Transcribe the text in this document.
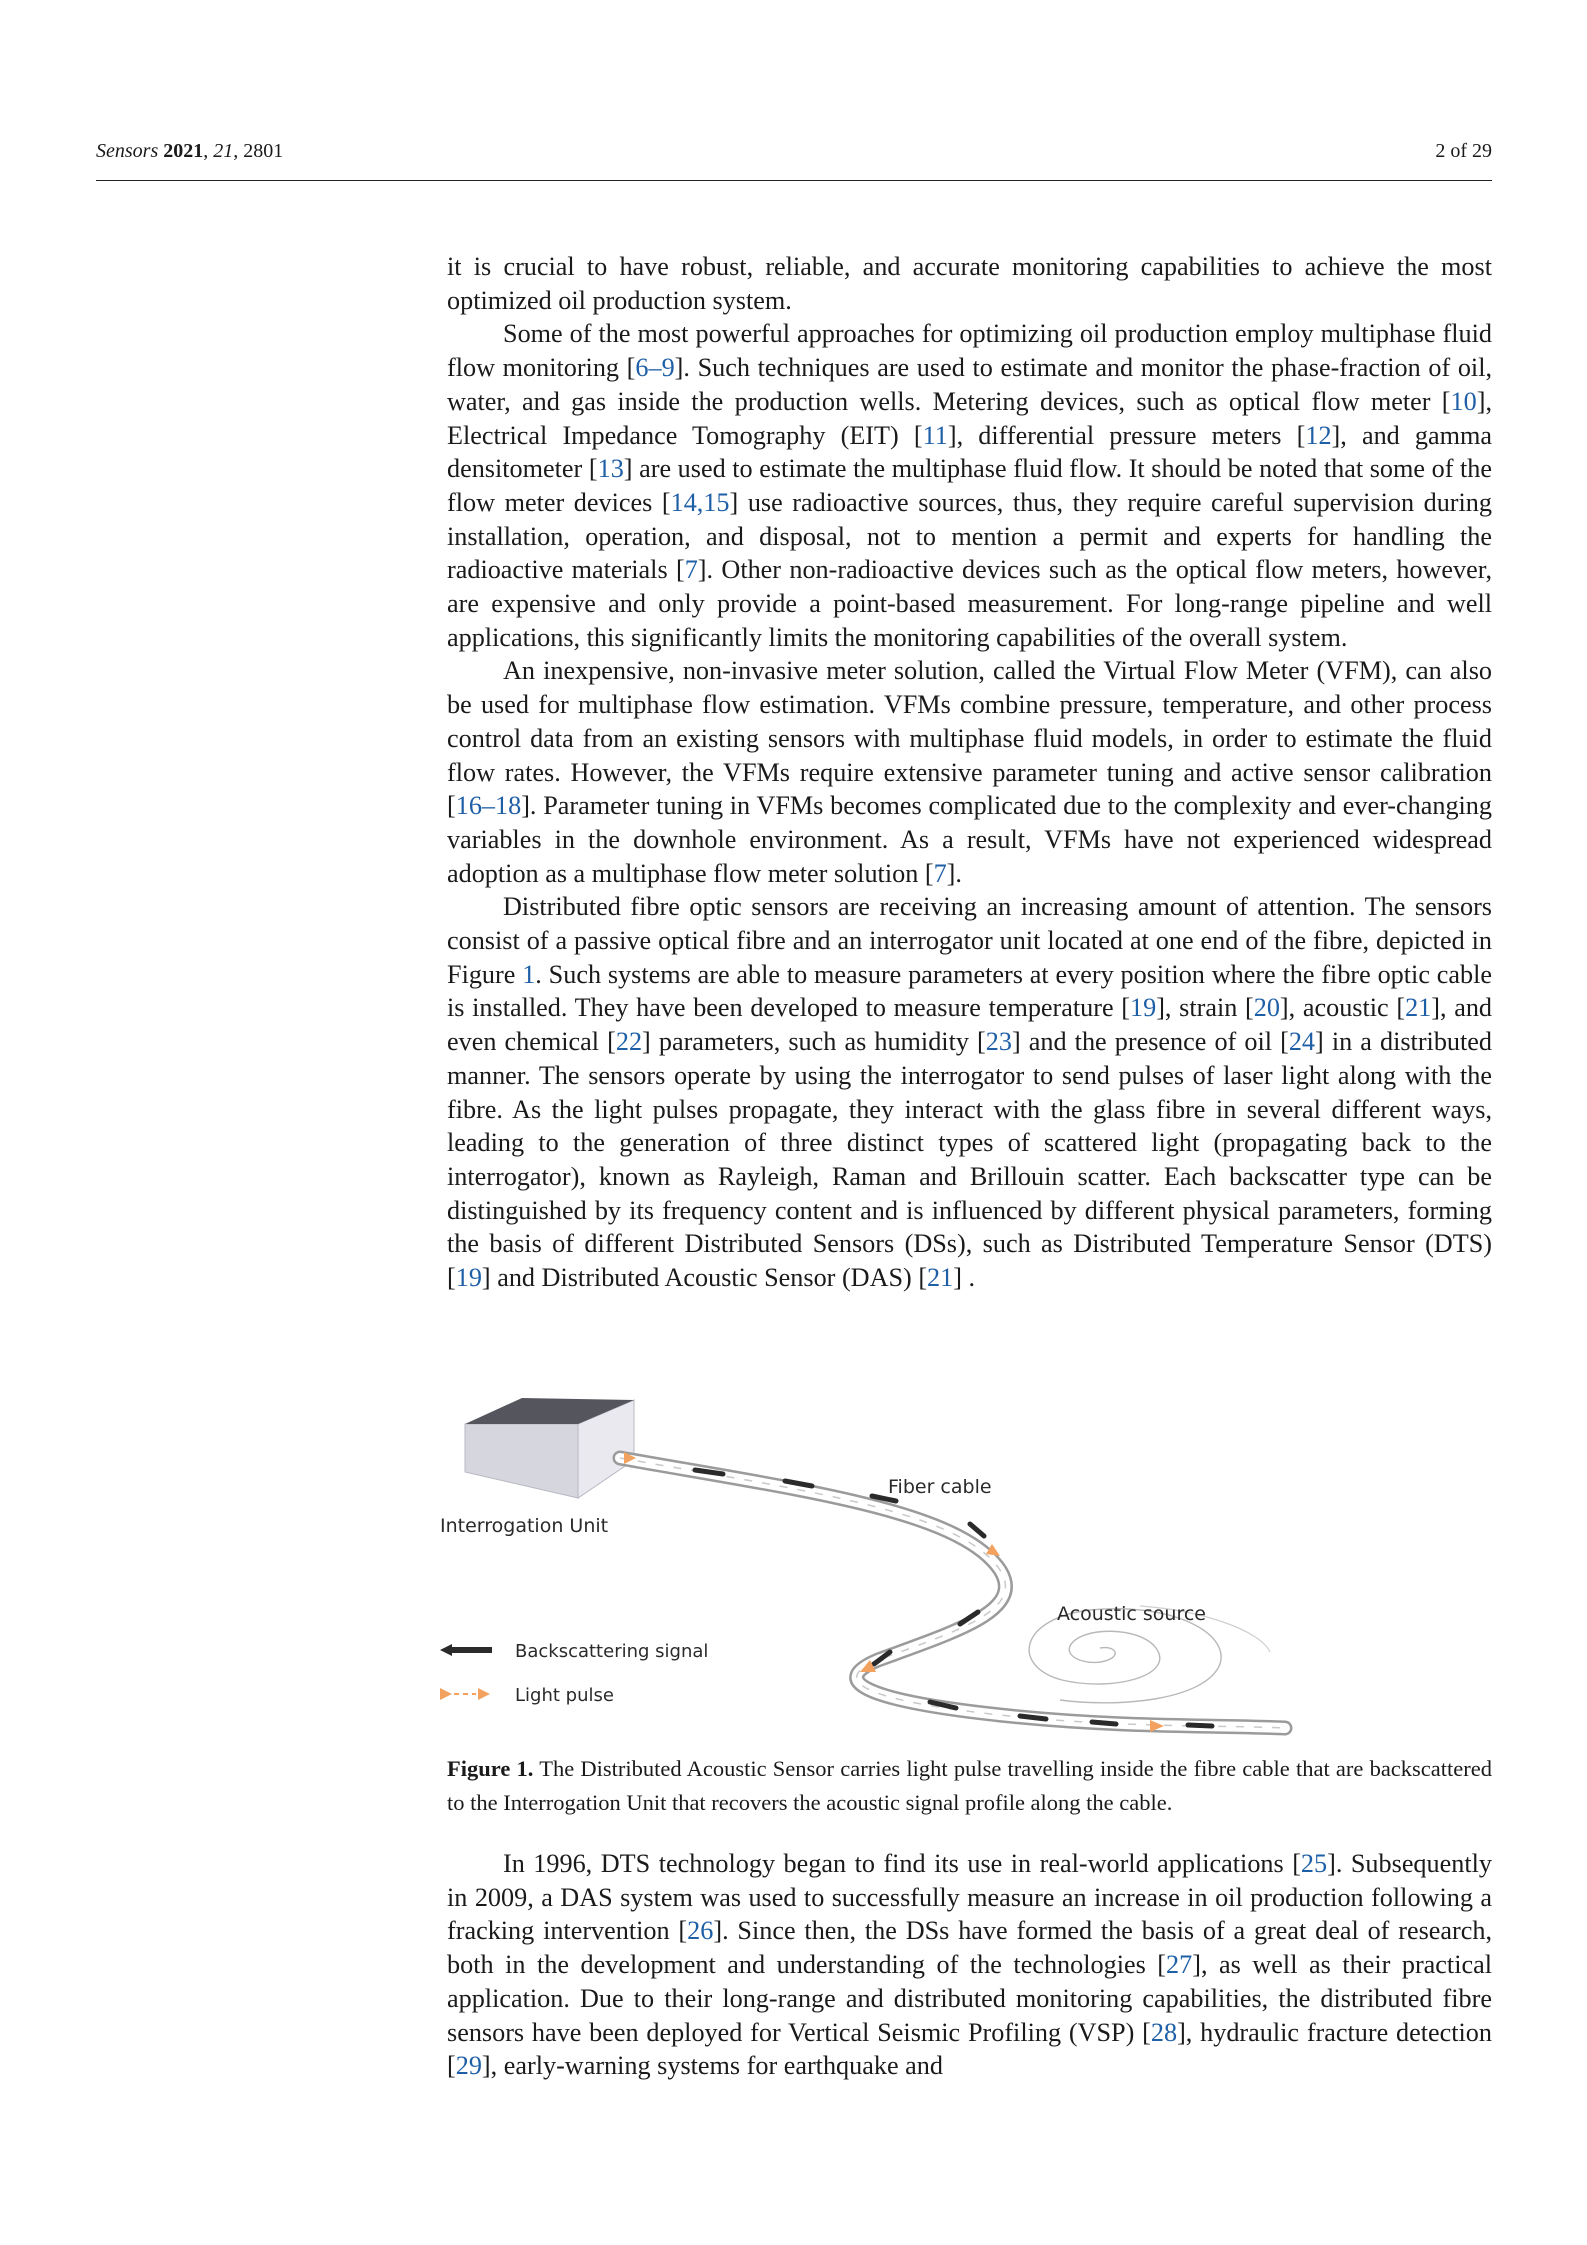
Sensors 2021, 21, 2801	2 of 29

it is crucial to have robust, reliable, and accurate monitoring capabilities to achieve the most optimized oil production system.

Some of the most powerful approaches for optimizing oil production employ multiphase fluid flow monitoring [6–9]. Such techniques are used to estimate and monitor the phase-fraction of oil, water, and gas inside the production wells. Metering devices, such as optical flow meter [10], Electrical Impedance Tomography (EIT) [11], differential pressure meters [12], and gamma densitometer [13] are used to estimate the multiphase fluid flow. It should be noted that some of the flow meter devices [14,15] use radioactive sources, thus, they require careful supervision during installation, operation, and disposal, not to mention a permit and experts for handling the radioactive materials [7]. Other non-radioactive devices such as the optical flow meters, however, are expensive and only provide a point-based measurement. For long-range pipeline and well applications, this significantly limits the monitoring capabilities of the overall system.

An inexpensive, non-invasive meter solution, called the Virtual Flow Meter (VFM), can also be used for multiphase flow estimation. VFMs combine pressure, temperature, and other process control data from an existing sensors with multiphase fluid models, in order to estimate the fluid flow rates. However, the VFMs require extensive parameter tuning and active sensor calibration [16–18]. Parameter tuning in VFMs becomes complicated due to the complexity and ever-changing variables in the downhole environment. As a result, VFMs have not experienced widespread adoption as a multiphase flow meter solution [7].

Distributed fibre optic sensors are receiving an increasing amount of attention. The sensors consist of a passive optical fibre and an interrogator unit located at one end of the fibre, depicted in Figure 1. Such systems are able to measure parameters at every position where the fibre optic cable is installed. They have been developed to measure temperature [19], strain [20], acoustic [21], and even chemical [22] parameters, such as humidity [23] and the presence of oil [24] in a distributed manner. The sensors operate by using the interrogator to send pulses of laser light along with the fibre. As the light pulses propagate, they interact with the glass fibre in several different ways, leading to the generation of three distinct types of scattered light (propagating back to the interrogator), known as Rayleigh, Raman and Brillouin scatter. Each backscatter type can be distinguished by its frequency content and is influenced by different physical parameters, forming the basis of different Distributed Sensors (DSs), such as Distributed Temperature Sensor (DTS) [19] and Distributed Acoustic Sensor (DAS) [21] .

Interrogation Unit
Fiber cable
Acoustic source
Backscattering signal
Light pulse
Figure 1. The Distributed Acoustic Sensor carries light pulse travelling inside the fibre cable that are backscattered to the Interrogation Unit that recovers the acoustic signal profile along the cable.

In 1996, DTS technology began to find its use in real-world applications [25]. Subsequently in 2009, a DAS system was used to successfully measure an increase in oil production following a fracking intervention [26]. Since then, the DSs have formed the basis of a great deal of research, both in the development and understanding of the technologies [27], as well as their practical application. Due to their long-range and distributed monitoring capabilities, the distributed fibre sensors have been deployed for Vertical Seismic Profiling (VSP) [28], hydraulic fracture detection [29], early-warning systems for earthquake and
